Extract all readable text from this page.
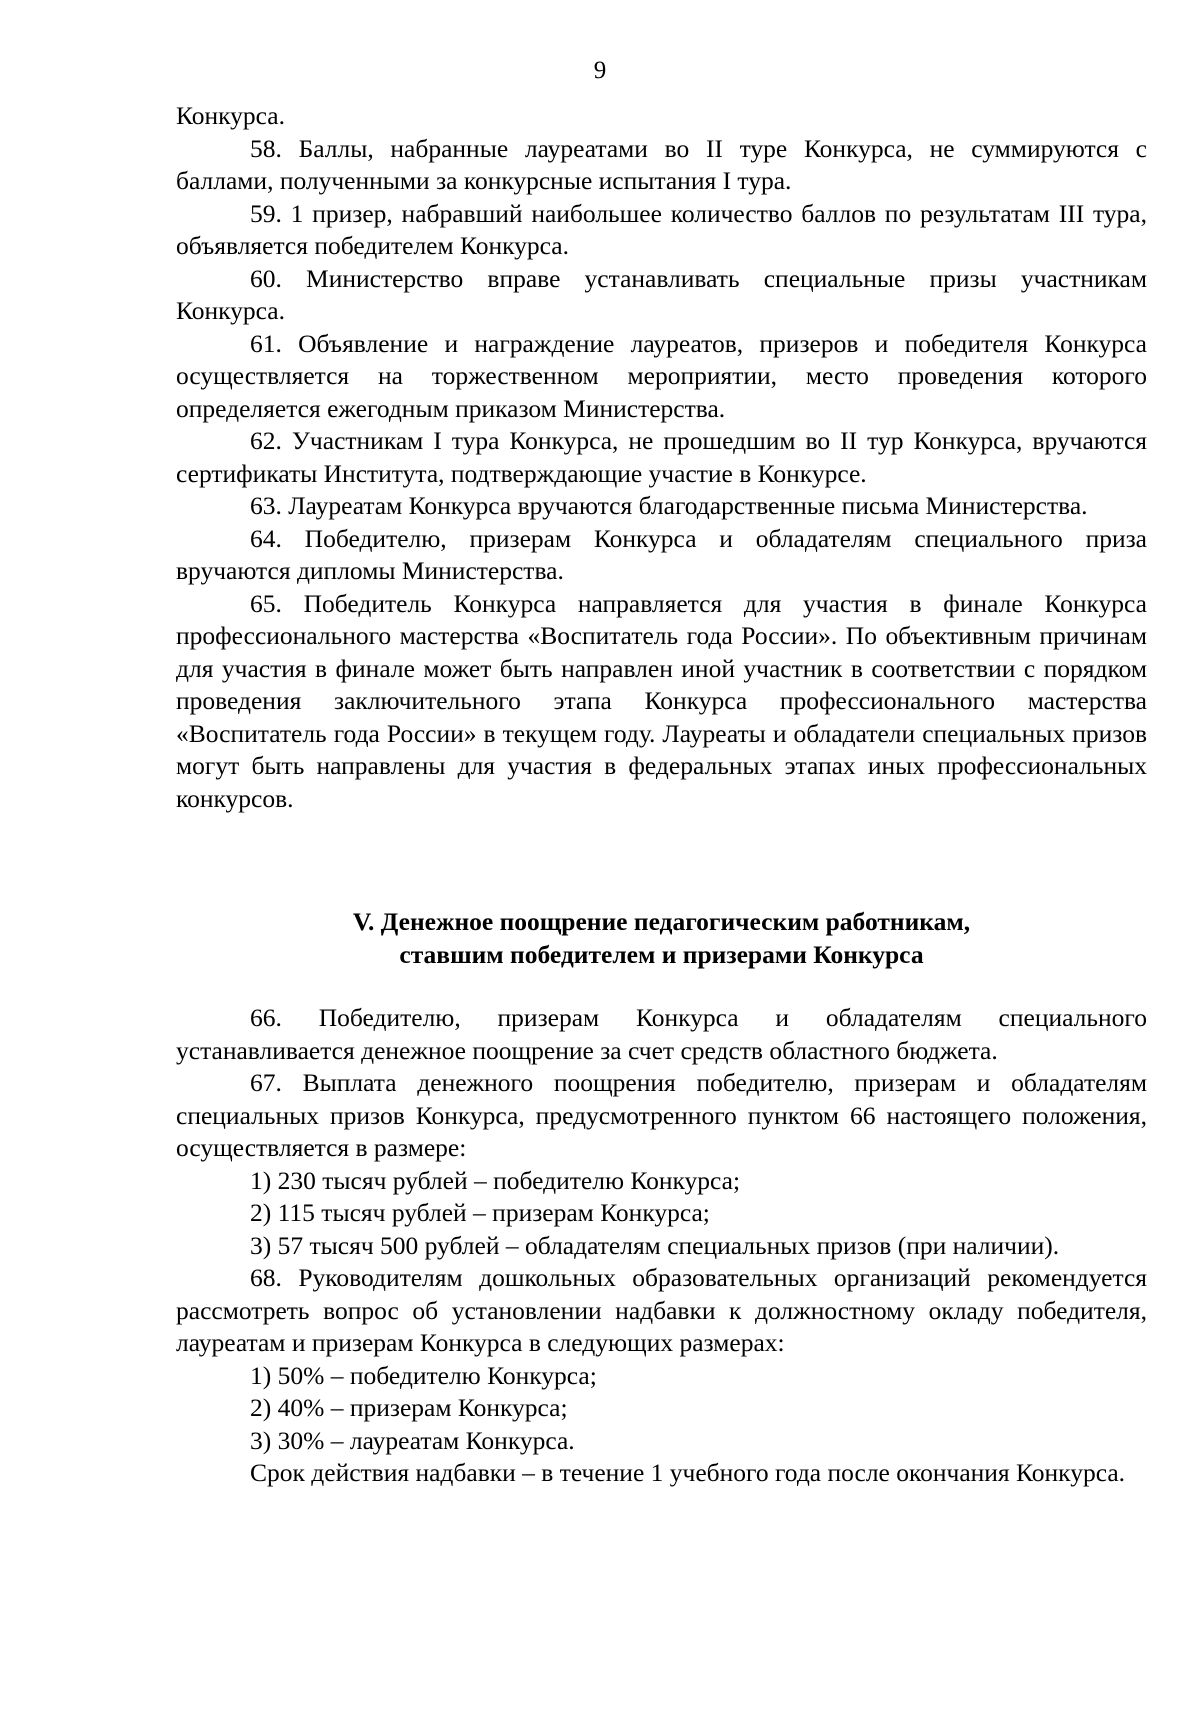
9

Конкурса.

58. Баллы, набранные лауреатами во II туре Конкурса, не суммируются с баллами, полученными за конкурсные испытания I тура.

59. 1 призер, набравший наибольшее количество баллов по результатам III тура, объявляется победителем Конкурса.

60. Министерство вправе устанавливать специальные призы участникам Конкурса.

61. Объявление и награждение лауреатов, призеров и победителя Конкурса осуществляется на торжественном мероприятии, место проведения которого определяется ежегодным приказом Министерства.

62. Участникам I тура Конкурса, не прошедшим во II тур Конкурса, вручаются сертификаты Института, подтверждающие участие в Конкурсе.

63. Лауреатам Конкурса вручаются благодарственные письма Министерства.

64. Победителю, призерам Конкурса и обладателям специального приза вручаются дипломы Министерства.

65. Победитель Конкурса направляется для участия в финале Конкурса профессионального мастерства «Воспитатель года России». По объективным причинам для участия в финале может быть направлен иной участник в соответствии с порядком проведения заключительного этапа Конкурса профессионального мастерства «Воспитатель года России» в текущем году. Лауреаты и обладатели специальных призов могут быть направлены для участия в федеральных этапах иных профессиональных конкурсов.

V. Денежное поощрение педагогическим работникам,

ставшим победителем и призерами Конкурса

66. Победителю, призерам Конкурса и обладателям специального устанавливается денежное поощрение за счет средств областного бюджета.

67. Выплата денежного поощрения победителю, призерам и обладателям специальных призов Конкурса, предусмотренного пунктом 66 настоящего положения, осуществляется в размере:

1) 230 тысяч рублей – победителю Конкурса;

2) 115 тысяч рублей – призерам Конкурса;

3) 57 тысяч 500 рублей – обладателям специальных призов (при наличии).

68. Руководителям дошкольных образовательных организаций рекомендуется рассмотреть вопрос об установлении надбавки к должностному окладу победителя, лауреатам и призерам Конкурса в следующих размерах:

1) 50% – победителю Конкурса;

2) 40% – призерам Конкурса;

3) 30% – лауреатам Конкурса.

Срок действия надбавки – в течение 1 учебного года после окончания Конкурса.
